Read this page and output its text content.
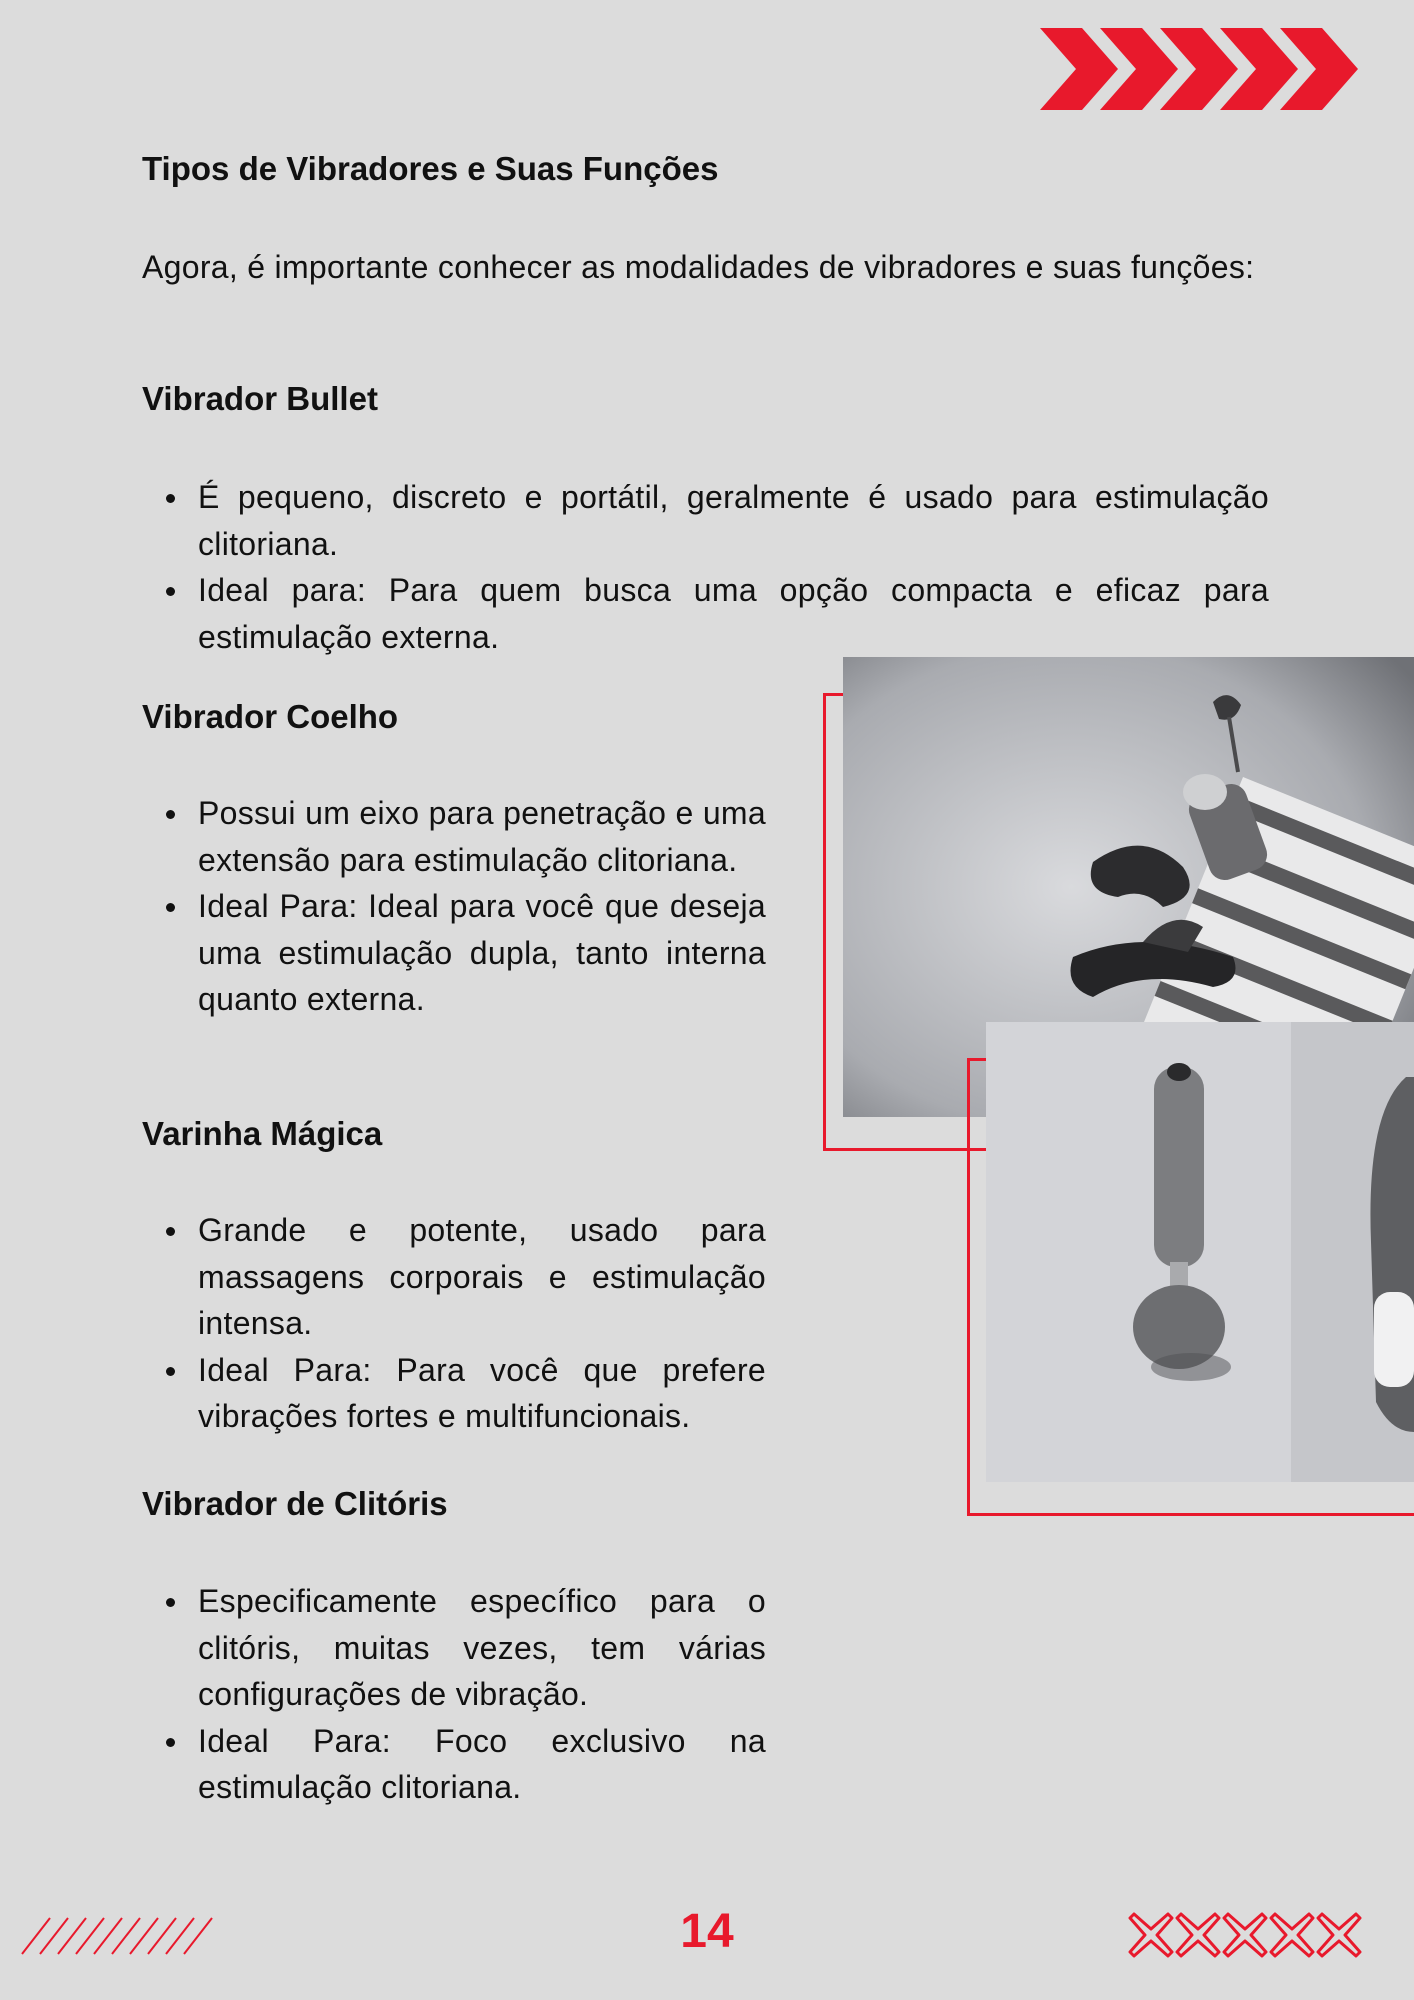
Tipos de Vibradores e Suas Funções

Agora, é importante conhecer as modalidades de vibradores e suas funções:

Vibrador Bullet
É pequeno, discreto e portátil, geralmente é usado para estimulação clitoriana.
Ideal para: Para quem busca uma opção compacta e eficaz para estimulação externa.
Vibrador Coelho
Possui um eixo para penetração e uma extensão para estimulação clitoriana.
Ideal Para: Ideal para você que deseja uma estimulação dupla, tanto interna quanto externa.
Varinha Mágica
Grande e potente, usado para massagens corporais e estimulação intensa.
Ideal Para: Para você que prefere vibrações fortes e multifuncionais.
Vibrador de Clitóris
Especificamente específico para o clitóris, muitas vezes, tem várias configurações de vibração.
Ideal Para: Foco exclusivo na estimulação clitoriana.

14
